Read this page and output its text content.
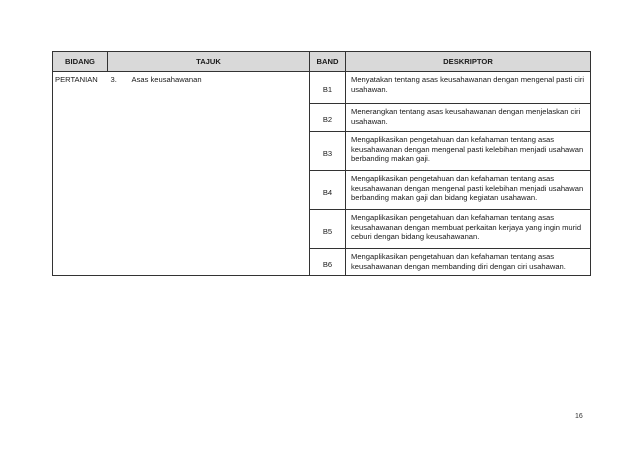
BIDANG	TAJUK		BAND	DESKRIPTOR
PERTANIAN	3.	Asas keusahawanan	B1	Menyatakan tentang asas keusahawanan dengan mengenal pasti ciri usahawan.
			B2	Menerangkan tentang asas keusahawanan dengan menjelaskan ciri usahawan.
			B3	Mengaplikasikan pengetahuan dan kefahaman tentang asas keusahawanan dengan mengenal pasti kelebihan menjadi usahawan berbanding makan gaji.
			B4	Mengaplikasikan pengetahuan dan kefahaman tentang asas keusahawanan dengan mengenal pasti kelebihan menjadi usahawan berbanding makan gaji dan bidang kegiatan usahawan.
			B5	Mengaplikasikan pengetahuan dan kefahaman tentang asas keusahawanan dengan membuat perkaitan kerjaya yang ingin murid ceburi dengan bidang keusahawanan.
			B6	Mengaplikasikan pengetahuan dan kefahaman tentang asas keusahawanan dengan membanding diri dengan ciri usahawan.
16
